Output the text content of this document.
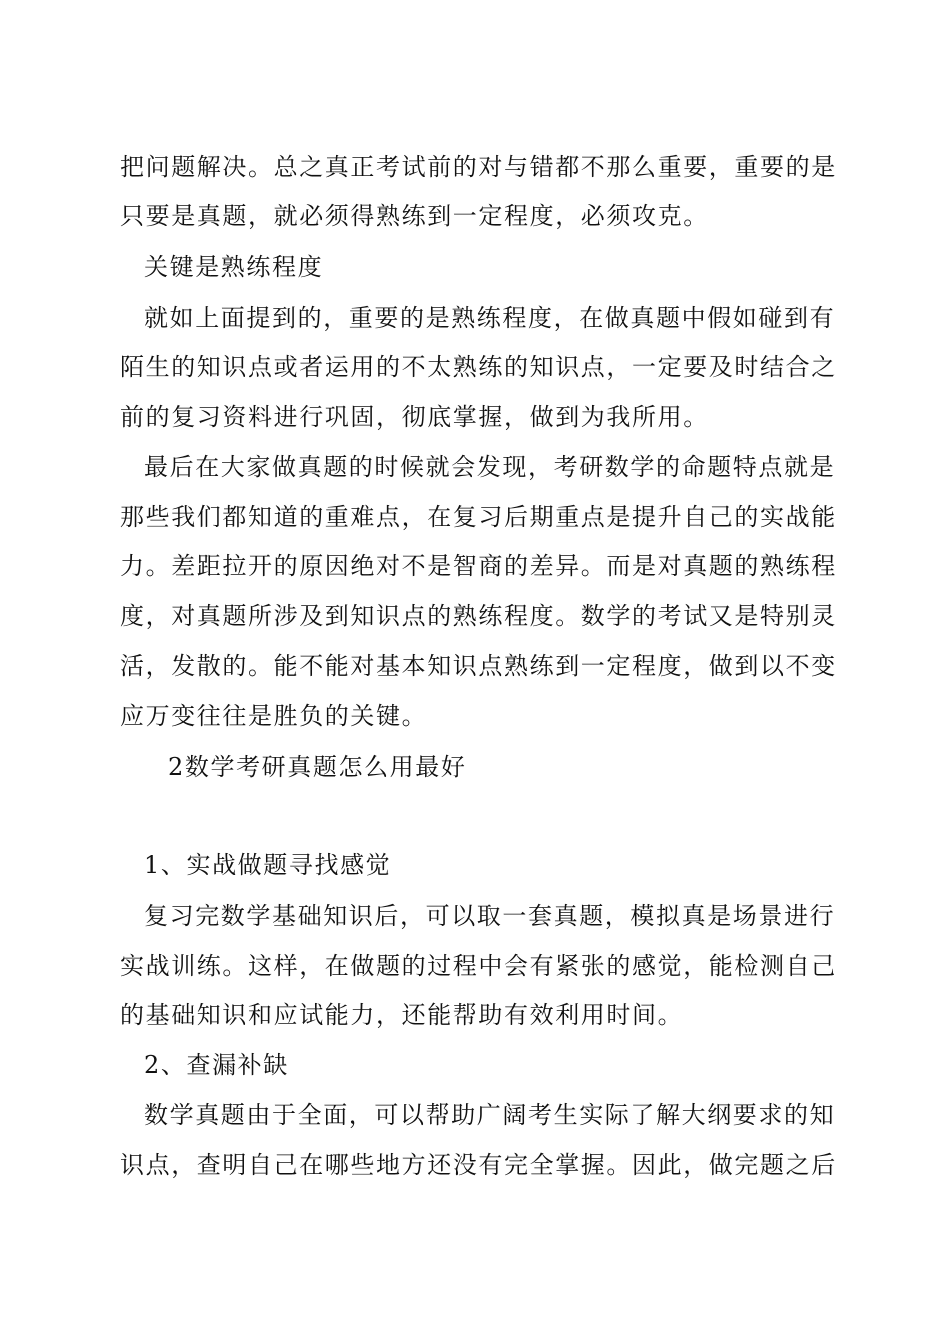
把问题解决。总之真正考试前的对与错都不那么重要，重要的是
只要是真题，就必须得熟练到一定程度，必须攻克。
关键是熟练程度
就如上面提到的，重要的是熟练程度，在做真题中假如碰到有
陌生的知识点或者运用的不太熟练的知识点，一定要及时结合之
前的复习资料进行巩固，彻底掌握，做到为我所用。
最后在大家做真题的时候就会发现，考研数学的命题特点就是
那些我们都知道的重难点，在复习后期重点是提升自己的实战能
力。差距拉开的原因绝对不是智商的差异。而是对真题的熟练程
度，对真题所涉及到知识点的熟练程度。数学的考试又是特别灵
活，发散的。能不能对基本知识点熟练到一定程度，做到以不变
应万变往往是胜负的关键。
2数学考研真题怎么用最好
1、实战做题寻找感觉
复习完数学基础知识后，可以取一套真题，模拟真是场景进行
实战训练。这样，在做题的过程中会有紧张的感觉，能检测自己
的基础知识和应试能力，还能帮助有效利用时间。
2、查漏补缺
数学真题由于全面，可以帮助广阔考生实际了解大纲要求的知
识点，查明自己在哪些地方还没有完全掌握。因此，做完题之后
